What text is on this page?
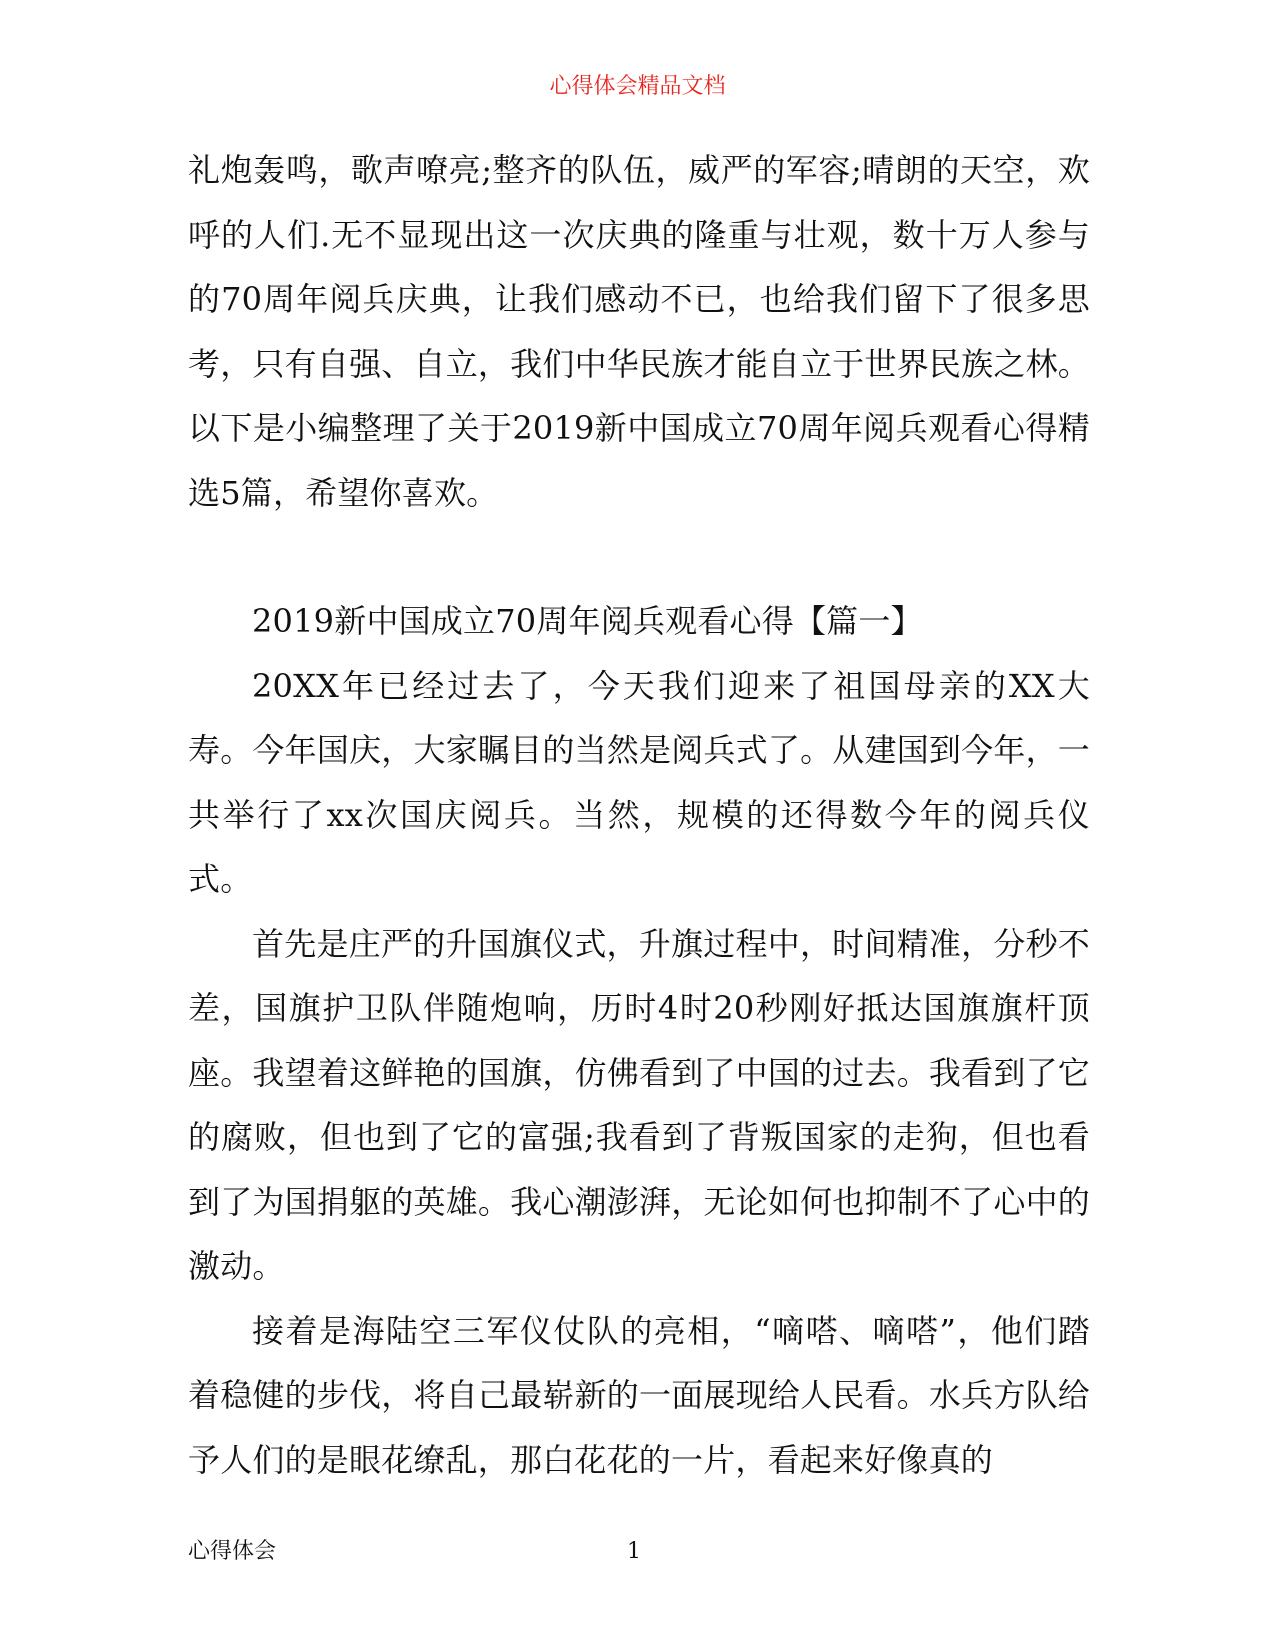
心得体会精品文档

礼炮轰鸣，歌声嘹亮;整齐的队伍，威严的军容;晴朗的天空，欢呼的人们.无不显现出这一次庆典的隆重与壮观，数十万人参与的70周年阅兵庆典，让我们感动不已，也给我们留下了很多思考，只有自强、自立，我们中华民族才能自立于世界民族之林。以下是小编整理了关于2019新中国成立70周年阅兵观看心得精选5篇，希望你喜欢。

2019新中国成立70周年阅兵观看心得【篇一】

20XX年已经过去了，今天我们迎来了祖国母亲的XX大寿。今年国庆，大家瞩目的当然是阅兵式了。从建国到今年，一共举行了xx次国庆阅兵。当然，规模的还得数今年的阅兵仪式。

首先是庄严的升国旗仪式，升旗过程中，时间精准，分秒不差，国旗护卫队伴随炮响，历时4时20秒刚好抵达国旗旗杆顶座。我望着这鲜艳的国旗，仿佛看到了中国的过去。我看到了它的腐败，但也到了它的富强;我看到了背叛国家的走狗，但也看到了为国捐躯的英雄。我心潮澎湃，无论如何也抑制不了心中的激动。

接着是海陆空三军仪仗队的亮相，“嘀嗒、嘀嗒”，他们踏着稳健的步伐，将自己最崭新的一面展现给人民看。水兵方队给予人们的是眼花缭乱，那白花花的一片，看起来好像真的

心得体会	1
